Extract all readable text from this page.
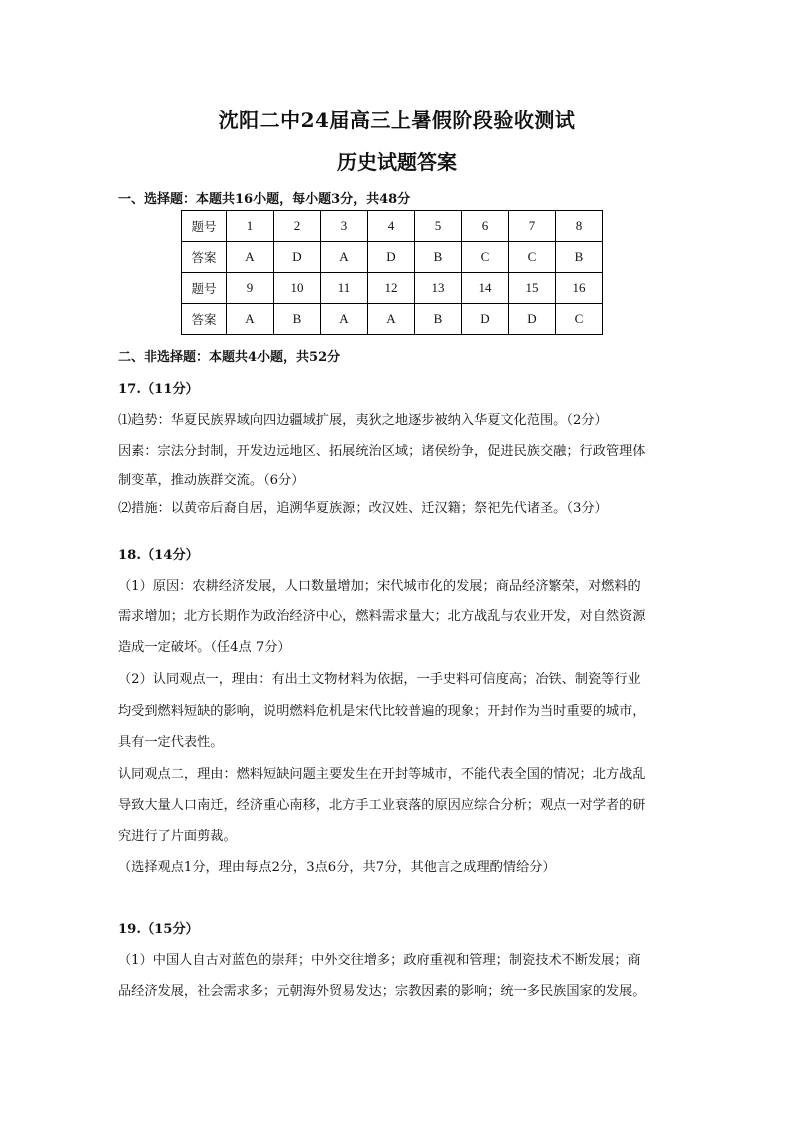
沈阳二中24届高三上暑假阶段验收测试
历史试题答案
一、选择题：本题共16小题，每小题3分，共48分
题号	1	2	3	4	5	6	7	8
答案	A	D	A	D	B	C	C	B
题号	9	10	11	12	13	14	15	16
答案	A	B	A	A	B	D	D	C
二、非选择题：本题共4小题，共52分
17.（11分）
⑴趋势：华夏民族界域向四边疆域扩展，夷狄之地逐步被纳入华夏文化范围。（2分）
因素：宗法分封制，开发边远地区、拓展统治区域；诸侯纷争，促进民族交融；行政管理体
制变革，推动族群交流。（6分）
⑵措施：以黄帝后裔自居，追溯华夏族源；改汉姓、迁汉籍；祭祀先代诸圣。（3分）
18.（14分）
（1）原因：农耕经济发展，人口数量增加；宋代城市化的发展；商品经济繁荣，对燃料的
需求增加；北方长期作为政治经济中心，燃料需求量大；北方战乱与农业开发，对自然资源
造成一定破坏。（任4点 7分）
（2）认同观点一，理由：有出土文物材料为依据，一手史料可信度高；冶铁、制瓷等行业
均受到燃料短缺的影响，说明燃料危机是宋代比较普遍的现象；开封作为当时重要的城市，
具有一定代表性。
认同观点二，理由：燃料短缺问题主要发生在开封等城市，不能代表全国的情况；北方战乱
导致大量人口南迁，经济重心南移，北方手工业衰落的原因应综合分析；观点一对学者的研
究进行了片面剪裁。
（选择观点1分，理由每点2分，3点6分，共7分，其他言之成理酌情给分）
19.（15分）
（1）中国人自古对蓝色的崇拜；中外交往增多；政府重视和管理；制瓷技术不断发展；商
品经济发展，社会需求多；元朝海外贸易发达；宗教因素的影响；统一多民族国家的发展。
